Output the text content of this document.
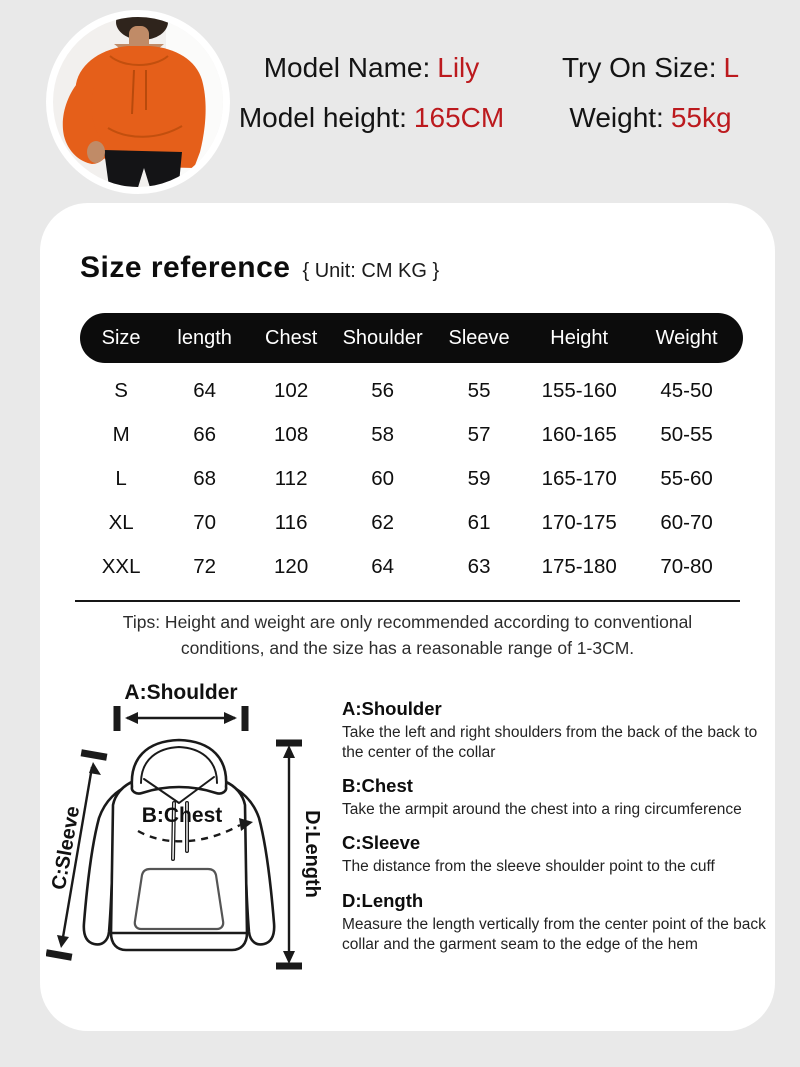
Model Name: Lily	Try On Size: L
Model height: 165CM Weight: 55kg
Size reference { Unit: CM KG }
Size	length	Chest	Shoulder	Sleeve	Height	Weight
S	64	102	56	55	155-160	45-50
M	66	108	58	57	160-165	50-55
L	68	112	60	59	165-170	55-60
XL	70	116	62	61	170-175	60-70
XXL	72	120	64	63	175-180	70-80
Tips: Height and weight are only recommended according to conventional
conditions, and the size has a reasonable range of 1-3CM.
B:Chest
A:Shoulder
C:Sleeve	D:Length
A:Shoulder
Take the left and right shoulders from the back of the back to the center of the collar
B:Chest
Take the armpit around the chest into a ring circumference
C:Sleeve
The distance from the sleeve shoulder point to the cuff
D:Length
Measure the length vertically from the center point of the back collar and the garment seam to the edge of the hem
